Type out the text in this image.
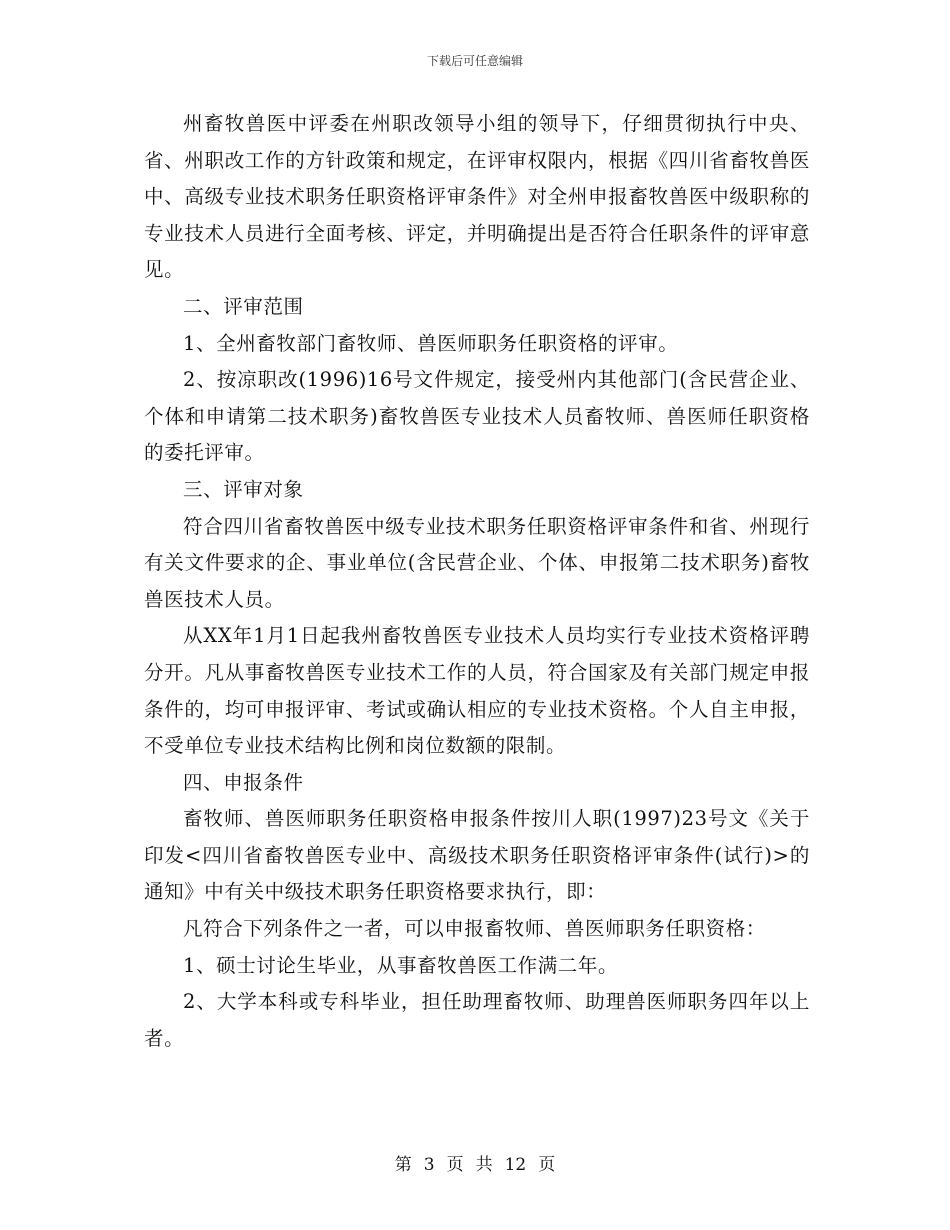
下载后可任意编辑

州畜牧兽医中评委在州职改领导小组的领导下，仔细贯彻执行中央、省、州职改工作的方针政策和规定，在评审权限内，根据《四川省畜牧兽医中、高级专业技术职务任职资格评审条件》对全州申报畜牧兽医中级职称的专业技术人员进行全面考核、评定，并明确提出是否符合任职条件的评审意见。

二、评审范围

1、全州畜牧部门畜牧师、兽医师职务任职资格的评审。

2、按凉职改(1996)16号文件规定，接受州内其他部门(含民营企业、个体和申请第二技术职务)畜牧兽医专业技术人员畜牧师、兽医师任职资格的委托评审。

三、评审对象

符合四川省畜牧兽医中级专业技术职务任职资格评审条件和省、州现行有关文件要求的企、事业单位(含民营企业、个体、申报第二技术职务)畜牧兽医技术人员。

从XX年1月1日起我州畜牧兽医专业技术人员均实行专业技术资格评聘分开。凡从事畜牧兽医专业技术工作的人员，符合国家及有关部门规定申报条件的，均可申报评审、考试或确认相应的专业技术资格。个人自主申报，不受单位专业技术结构比例和岗位数额的限制。

四、申报条件

畜牧师、兽医师职务任职资格申报条件按川人职(1997)23号文《关于印发<四川省畜牧兽医专业中、高级技术职务任职资格评审条件(试行)>的通知》中有关中级技术职务任职资格要求执行，即：

凡符合下列条件之一者，可以申报畜牧师、兽医师职务任职资格：

1、硕士讨论生毕业，从事畜牧兽医工作满二年。

2、大学本科或专科毕业，担任助理畜牧师、助理兽医师职务四年以上者。

第 3 页 共 12 页
